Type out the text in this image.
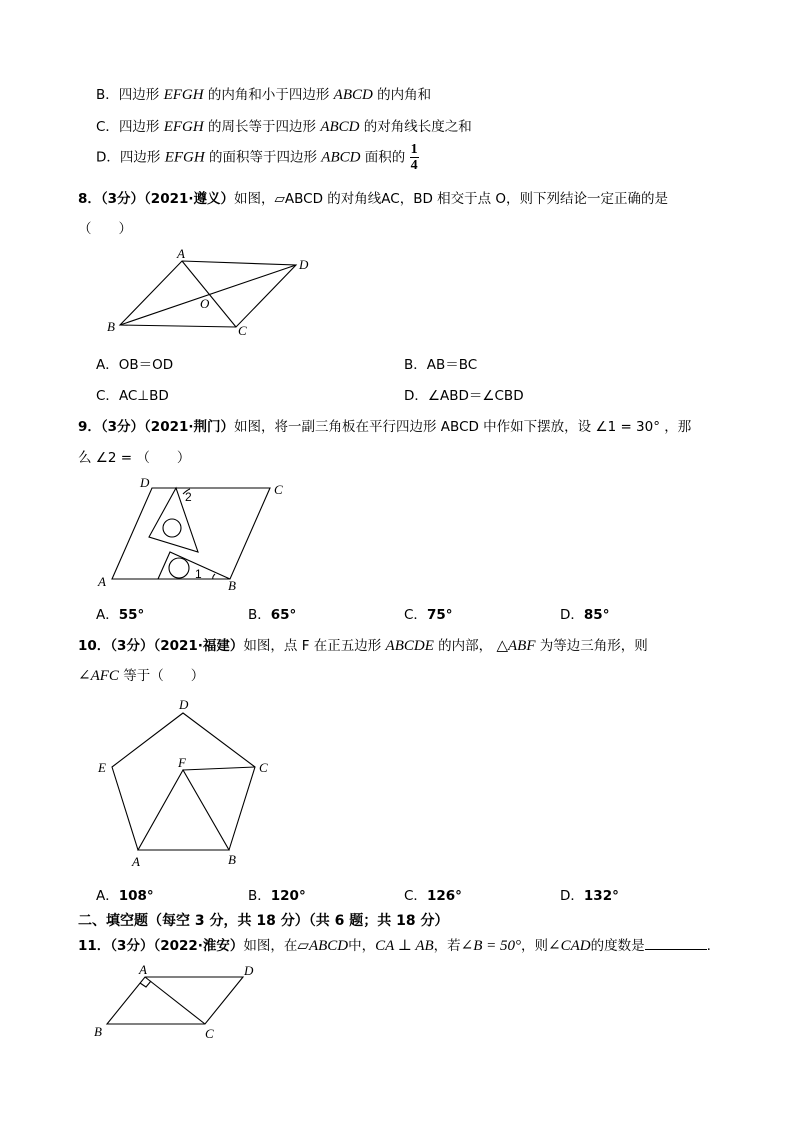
B．四边形 EFGH 的内角和小于四边形 ABCD 的内角和
C．四边形 EFGH 的周长等于四边形 ABCD 的对角线长度之和
D．四边形 EFGH 的面积等于四边形 ABCD 面积的 $\frac{1}{4}$
8．（3分）（2021·遵义）如图，▱ABCD 的对角线AC，BD 相交于点 O，则下列结论一定正确的是
（　　）
A
D
B	C
O
A．OB＝OD	B．AB＝BC
C．AC⊥BD	D．∠ABD＝∠CBD
9．（3分）（2021·荆门）如图，将一副三角板在平行四边形 ABCD 中作如下摆放，设 ∠1 = 30° ，那
么 ∠2 = （　　）
D	C
A	B
2
1
A．55°	B．65°	C．75°	D．85°
10．（3分）（2021·福建）如图，点 F 在正五边形 ABCDE 的内部， △ABF 为等边三角形，则
∠AFC 等于（　　）
D
C
E	F
A	B
A．108°	B．120°	C．126°	D．132°
二、填空题（每空 3 分，共 18 分）（共 6 题；共 18 分）
11．（3分）（2022·淮安）如图，在▱ABCD中，CA ⊥ AB，若∠B = 50°，则∠CAD的度数是	.
A	D
B	C
